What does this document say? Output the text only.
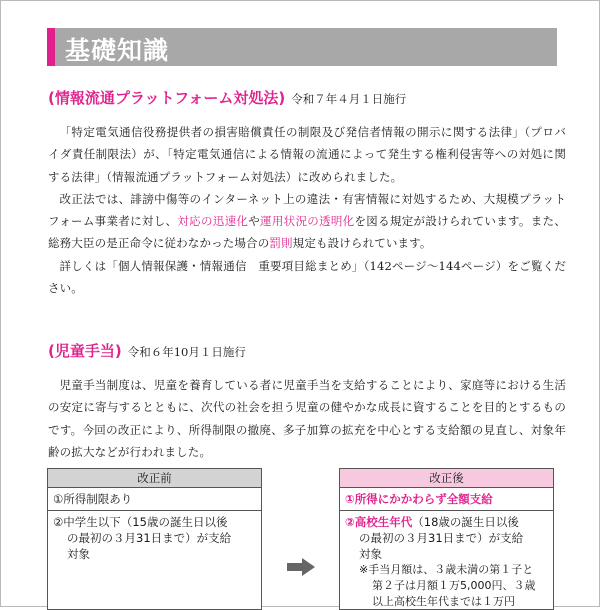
基礎知識
(情報流通プラットフォーム対処法) 令和７年４月１日施行

「特定電気通信役務提供者の損害賠償責任の制限及び発信者情報の開示に関する法律」（プロバイダ責任制限法）が、「特定電気通信による情報の流通によって発生する権利侵害等への対処に関する法律」（情報流通プラットフォーム対処法）に改められました。

改正法では、誹謗中傷等のインターネット上の違法・有害情報に対処するため、大規模プラットフォーム事業者に対し、対応の迅速化や運用状況の透明化を図る規定が設けられています。また、総務大臣の是正命令に従わなかった場合の罰則規定も設けられています。

詳しくは「個人情報保護・情報通信　重要項目総まとめ」（142ページ～144ページ）をご覧ください。

(児童手当) 令和６年10月１日施行

児童手当制度は、児童を養育している者に児童手当を支給することにより、家庭等における生活の安定に寄与するとともに、次代の社会を担う児童の健やかな成長に資することを目的とするものです。今回の改正により、所得制限の撤廃、多子加算の拡充を中心とする支給額の見直し、対象年齢の拡大などが行われました。

改正前
①所得制限あり
②中学生以下（15歳の誕生日以後
の最初の３月31日まで）が支給
対象
改正後
①所得にかかわらず全額支給
②高校生年代（18歳の誕生日以後
の最初の３月31日まで）が支給
対象
※手当月額は、３歳未満の第１子と
第２子は月額１万5,000円、３歳
以上高校生年代までは１万円
